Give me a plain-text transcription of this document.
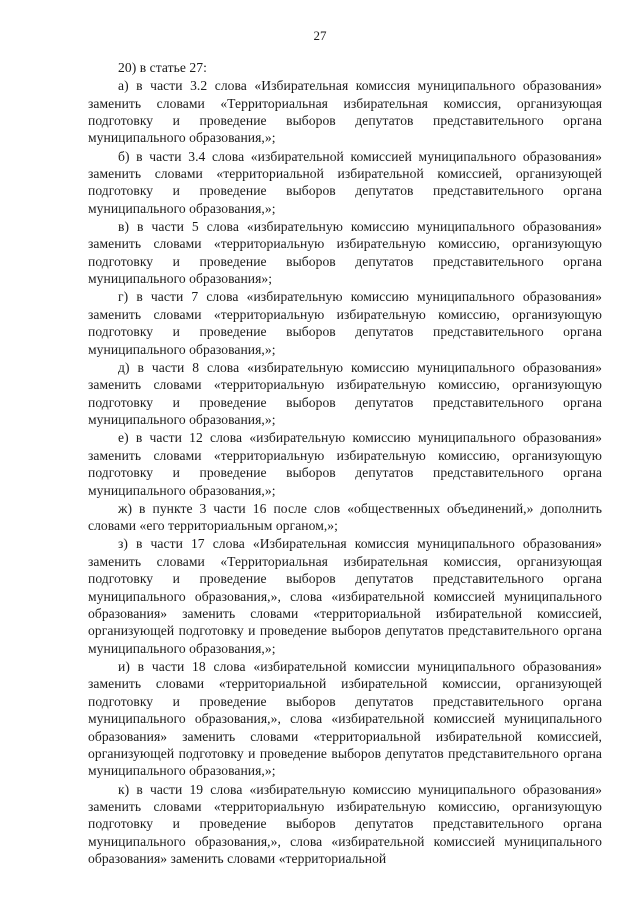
27

20) в статье 27:

а) в части 3.2 слова «Избирательная комиссия муниципального образования» заменить словами «Территориальная избирательная комиссия, организующая подготовку и проведение выборов депутатов представительного органа муниципального образования,»;

б) в части 3.4 слова «избирательной комиссией муниципального образования» заменить словами «территориальной избирательной комиссией, организующей подготовку и проведение выборов депутатов представительного органа муниципального образования,»;

в) в части 5 слова «избирательную комиссию муниципального образования» заменить словами «территориальную избирательную комиссию, организующую подготовку и проведение выборов депутатов представительного органа муниципального образования»;

г) в части 7 слова «избирательную комиссию муниципального образования» заменить словами «территориальную избирательную комиссию, организующую подготовку и проведение выборов депутатов представительного органа муниципального образования,»;

д) в части 8 слова «избирательную комиссию муниципального образования» заменить словами «территориальную избирательную комиссию, организующую подготовку и проведение выборов депутатов представительного органа муниципального образования,»;

е) в части 12 слова «избирательную комиссию муниципального образования» заменить словами «территориальную избирательную комиссию, организующую подготовку и проведение выборов депутатов представительного органа муниципального образования,»;

ж) в пункте 3 части 16 после слов «общественных объединений,» дополнить словами «его территориальным органом,»;

з) в части 17 слова «Избирательная комиссия муниципального образования» заменить словами «Территориальная избирательная комиссия, организующая подготовку и проведение выборов депутатов представительного органа муниципального образования,», слова «избирательной комиссией муниципального образования» заменить словами «территориальной избирательной комиссией, организующей подготовку и проведение выборов депутатов представительного органа муниципального образования,»;

и) в части 18 слова «избирательной комиссии муниципального образования» заменить словами «территориальной избирательной комиссии, организующей подготовку и проведение выборов депутатов представительного органа муниципального образования,», слова «избирательной комиссией муниципального образования» заменить словами «территориальной избирательной комиссией, организующей подготовку и проведение выборов депутатов представительного органа муниципального образования,»;

к) в части 19 слова «избирательную комиссию муниципального образования» заменить словами «территориальную избирательную комиссию, организующую подготовку и проведение выборов депутатов представительного органа муниципального образования,», слова «избирательной комиссией муниципального образования» заменить словами «территориальной
